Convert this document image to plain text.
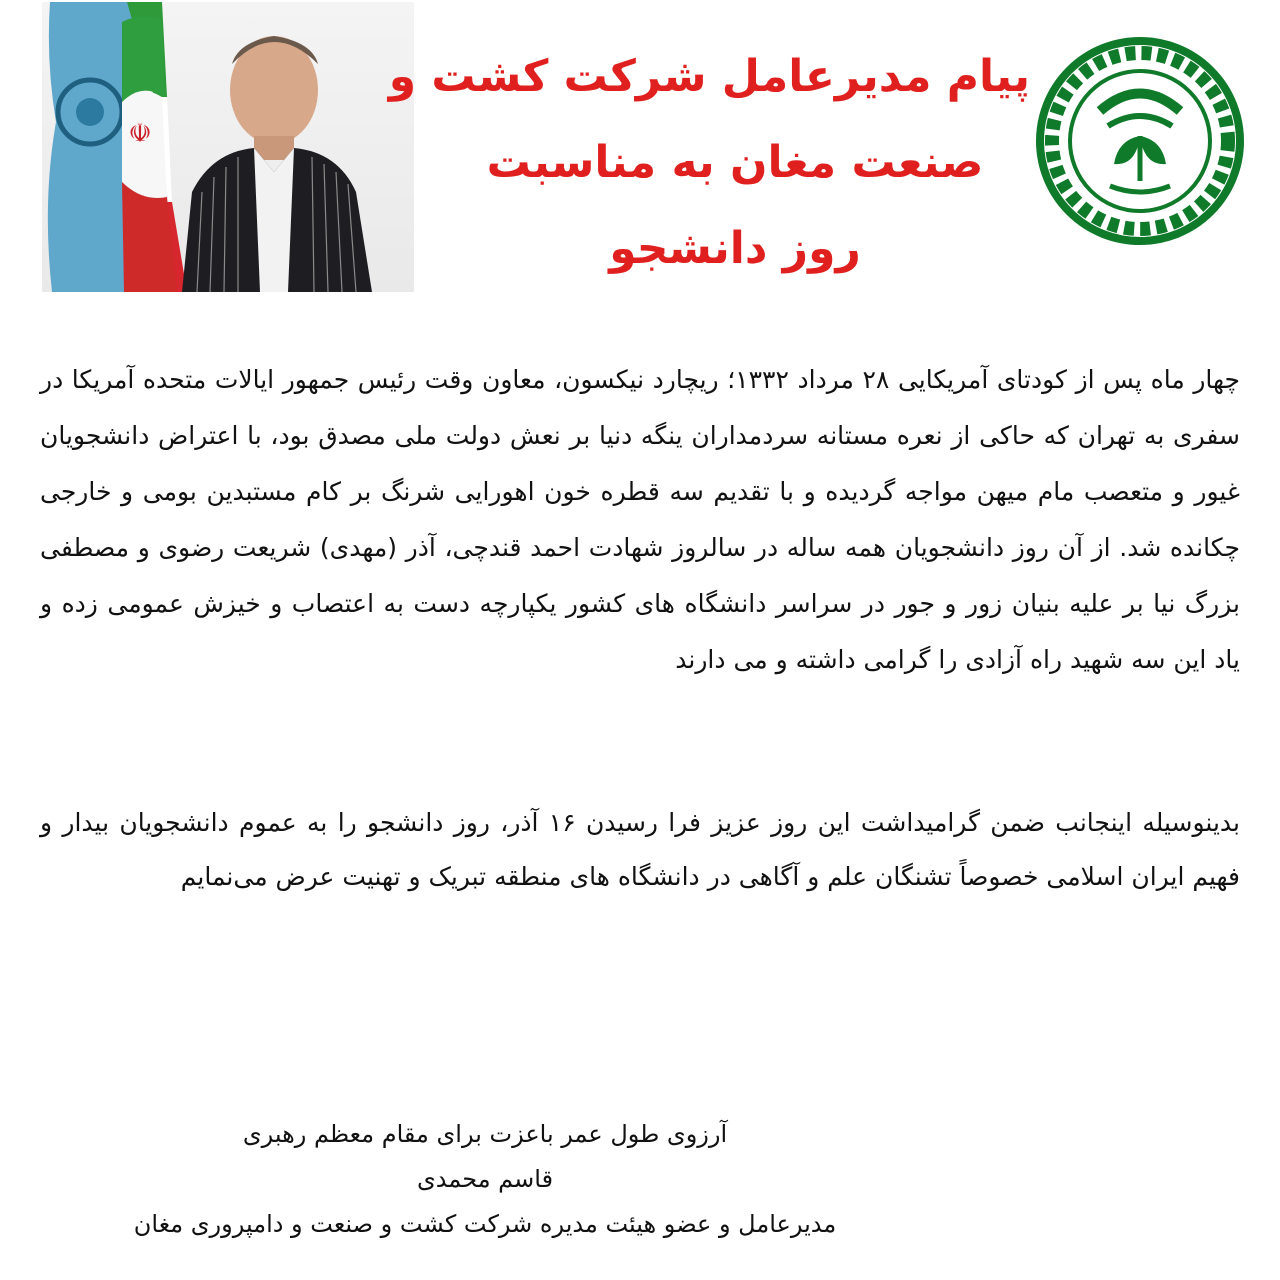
☫
پیام مدیرعامل شرکت کشت و
صنعت مغان به مناسبت
روز دانشجو
چهار ماه پس از کودتای آمریکایی ۲۸ مرداد ۱۳۳۲؛ ریچارد نیکسون، معاون وقت رئیس جمهور ایالات متحده آمریکا در سفری به تهران که حاکی از نعره مستانه سردمداران ینگه دنیا بر نعش دولت ملی مصدق بود، با اعتراض دانشجویان غیور و متعصب مام میهن مواجه گردیده و با تقدیم سه قطره خون اهورایی شرنگ بر کام مستبدین بومی و خارجی چکانده شد. از آن روز دانشجویان همه ساله در سالروز شهادت احمد قندچی، آذر (مهدی) شریعت رضوی و مصطفی بزرگ نیا بر علیه بنیان زور و جور در سراسر دانشگاه های کشور یکپارچه دست به اعتصاب و خیزش عمومی زده و یاد این سه شهید راه آزادی را گرامی داشته و می دارند
بدینوسیله اینجانب ضمن گرامیداشت این روز عزیز فرا رسیدن ۱۶ آذر، روز دانشجو را به عموم دانشجویان بیدار و فهیم ایران اسلامی خصوصاً تشنگان علم و آگاهی در دانشگاه های منطقه تبریک و تهنیت عرض می‌نمایم
آرزوی طول عمر باعزت برای مقام معظم رهبری
قاسم محمدی
مدیرعامل و عضو هیئت مدیره شرکت کشت و صنعت و دامپروری مغان
